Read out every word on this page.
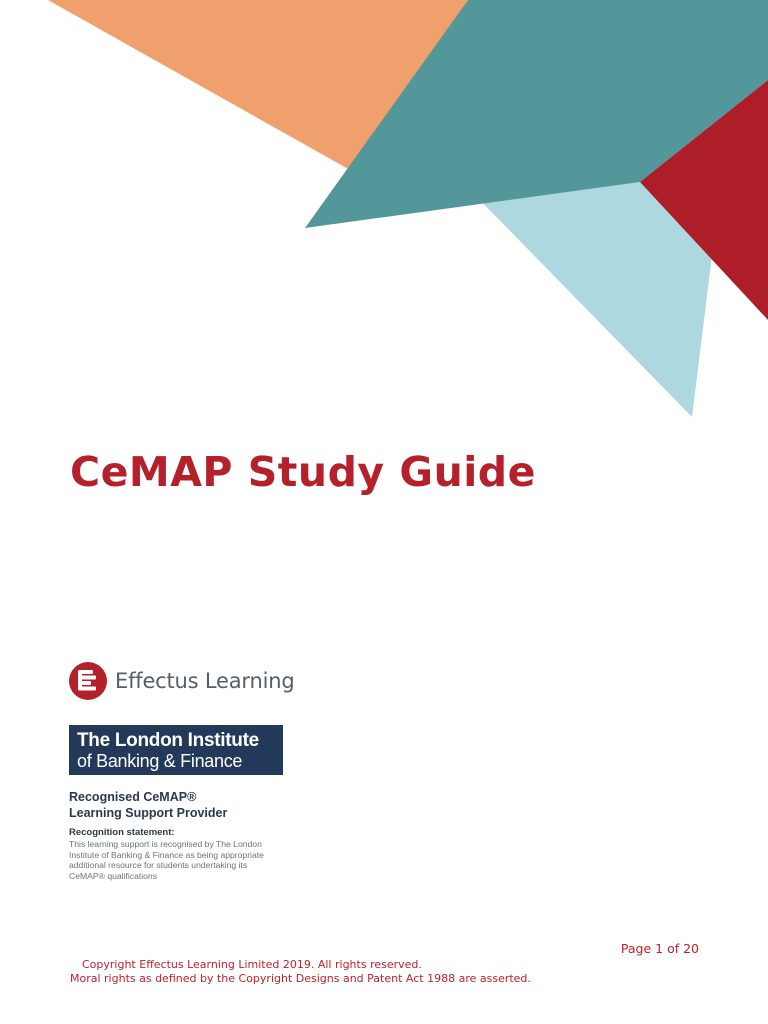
CeMAP Study Guide
Effectus Learning
The London Institute
of Banking & Finance

Recognised CeMAP®
Learning Support Provider

Recognition statement:

This learning support is recognised by The London Institute of Banking & Finance as being appropriate additional resource for students undertaking its CeMAP® qualifications

Page 1 of 20

Copyright Effectus Learning Limited 2019. All rights reserved.

Moral rights as defined by the Copyright Designs and Patent Act 1988 are asserted.
